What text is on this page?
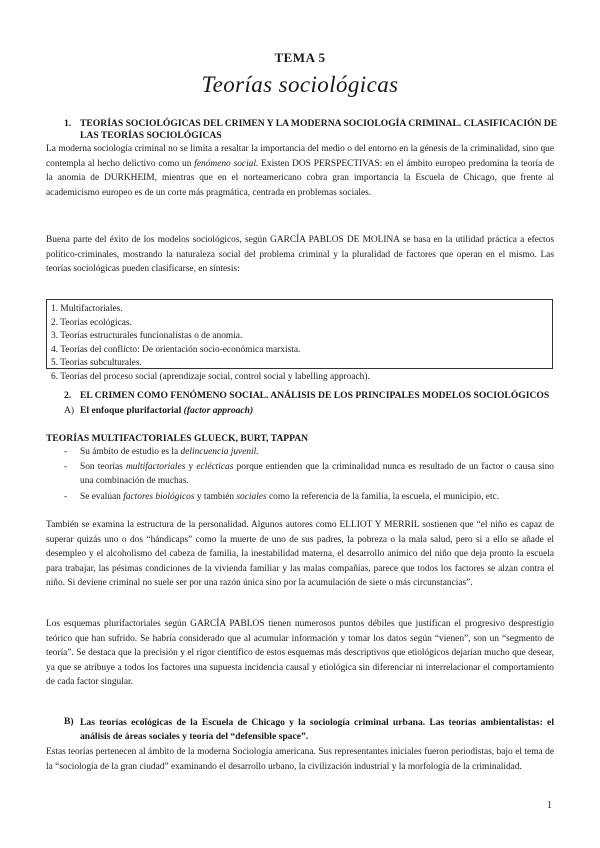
TEMA 5
Teorías sociológicas
1. TEORÍAS SOCIOLÓGICAS DEL CRIMEN Y LA MODERNA SOCIOLOGÍA CRIMINAL. CLASIFICACIÓN DE
LAS TEORÍAS SOCIOLÓGICAS
La moderna sociología criminal no se limita a resaltar la importancia del medio o del entorno en la génesis de la criminalidad, sino que contempla al hecho delictivo como un fenómeno social. Existen DOS PERSPECTIVAS: en el ámbito europeo predomina la teoría de la anomia de DURKHEIM, mientras que en el norteamericano cobra gran importancia la Escuela de Chicago, que frente al academicismo europeo es de un corte más pragmática, centrada en problemas sociales.
Buena parte del éxito de los modelos sociológicos, según GARCÍA PABLOS DE MOLINA se basa en la utilidad práctica a efectos político-criminales, mostrando la naturaleza social del problema criminal y la pluralidad de factores que operan en el mismo. Las teorías sociológicas pueden clasificarse, en síntesis:
1. Multifactoriales.
2. Teorías ecológicas.
3. Teorías estructurales funcionalistas o de anomia.
4. Teorías del conflicto: De orientación socio-económica marxista.
5. Teorías subculturales.
6. Teorías del proceso social (aprendizaje social, control social y labelling approach).
2. EL CRIMEN COMO FENÓMENO SOCIAL. ANÁLISIS DE LOS PRINCIPALES MODELOS SOCIOLÓGICOS
A) El enfoque plurifactorial (factor approach)
TEORÍAS MULTIFACTORIALES GLUECK, BURT, TAPPAN
- Su ámbito de estudio es la delincuencia juvenil.
- Son teorías multifactoriales y eclécticas porque entienden que la criminalidad nunca es resultado de un factor o causa sino una combinación de muchas.
- Se evalúan factores biológicos y también sociales como la referencia de la familia, la escuela, el municipio, etc.
También se examina la estructura de la personalidad. Algunos autores como ELLIOT Y MERRIL sostienen que “el niño es capaz de superar quizás uno o dos “hándicaps” como la muerte de uno de sus padres, la pobreza o la mala salud, pero si a ello se añade el desempleo y el alcoholismo del cabeza de familia, la inestabilidad materna, el desarrollo anímico del niño que deja pronto la escuela para trabajar, las pésimas condiciones de la vivienda familiar y las malas compañías, parece que todos los factores se alzan contra el niño. Si deviene criminal no suele ser por una razón única sino por la acumulación de siete o más circunstancias”.
Los esquemas plurifactoriales según GARCÍA PABLOS tienen numerosos puntos débiles que justifican el progresivo desprestigio teórico que han sufrido. Se habría considerado que al acumular información y tomar los datos según “vienen”, son un “segmento de teoría”. Se destaca que la precisión y el rigor científico de estos esquemas más descriptivos que etiológicos dejarían mucho que desear, ya que se atribuye a todos los factores una supuesta incidencia causal y etiológica sin diferenciar ni interrelacionar el comportamiento de cada factor singular.
B) Las teorías ecológicas de la Escuela de Chicago y la sociología criminal urbana. Las teorías ambientalistas: el análisis de áreas sociales y teoría del “defensible space”.
Estas teorías pertenecen al ámbito de la moderna Sociología americana. Sus representantes iniciales fueron periodistas, bajo el tema de la “sociología de la gran ciudad” examinando el desarrollo urbano, la civilización industrial y la morfología de la criminalidad.
1
